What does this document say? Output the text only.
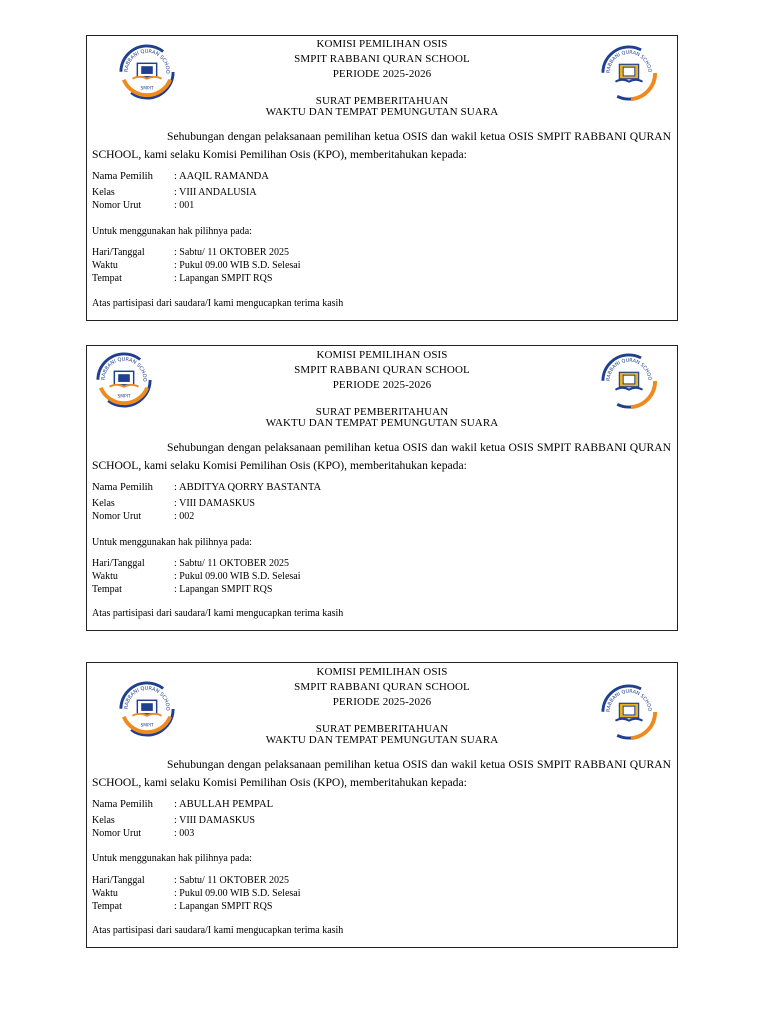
RABBANI QURAN SCHOO
SMPIT
RABBANI QURAN SCHOO
KOMISI PEMILIHAN OSIS
SMPIT RABBANI QURAN SCHOOL
PERIODE 2025-2026
SURAT PEMBERITAHUAN
WAKTU DAN TEMPAT PEMUNGUTAN SUARA
Sehubungan dengan pelaksanaan pemilihan ketua OSIS dan wakil ketua OSIS SMPIT RABBANI QURAN
SCHOOL, kami selaku Komisi Pemilihan Osis (KPO), memberitahukan kepada:
Nama Pemilih : AAQIL RAMANDA
Kelas	: VIII ANDALUSIA
Nomor Urut	: 001
Untuk menggunakan hak pilihnya pada:
Hari/Tanggal	: Sabtu/ 11 OKTOBER 2025
Waktu	: Pukul 09.00 WIB S.D. Selesai
Tempat	: Lapangan SMPIT RQS
Atas partisipasi dari saudara/I kami mengucapkan terima kasih
RABBANI QURAN SCHOO
SMPIT
RABBANI QURAN SCHOO
KOMISI PEMILIHAN OSIS
SMPIT RABBANI QURAN SCHOOL
PERIODE 2025-2026
SURAT PEMBERITAHUAN
WAKTU DAN TEMPAT PEMUNGUTAN SUARA
Sehubungan dengan pelaksanaan pemilihan ketua OSIS dan wakil ketua OSIS SMPIT RABBANI QURAN
SCHOOL, kami selaku Komisi Pemilihan Osis (KPO), memberitahukan kepada:
Nama Pemilih : ABDITYA QORRY BASTANTA
Kelas	: VIII DAMASKUS
Nomor Urut	: 002
Untuk menggunakan hak pilihnya pada:
Hari/Tanggal	: Sabtu/ 11 OKTOBER 2025
Waktu	: Pukul 09.00 WIB S.D. Selesai
Tempat	: Lapangan SMPIT RQS
Atas partisipasi dari saudara/I kami mengucapkan terima kasih
RABBANI QURAN SCHOO
SMPIT
RABBANI QURAN SCHOO
KOMISI PEMILIHAN OSIS
SMPIT RABBANI QURAN SCHOOL
PERIODE 2025-2026
SURAT PEMBERITAHUAN
WAKTU DAN TEMPAT PEMUNGUTAN SUARA
Sehubungan dengan pelaksanaan pemilihan ketua OSIS dan wakil ketua OSIS SMPIT RABBANI QURAN
SCHOOL, kami selaku Komisi Pemilihan Osis (KPO), memberitahukan kepada:
Nama Pemilih : ABULLAH PEMPAL
Kelas	: VIII DAMASKUS
Nomor Urut	: 003
Untuk menggunakan hak pilihnya pada:
Hari/Tanggal	: Sabtu/ 11 OKTOBER 2025
Waktu	: Pukul 09.00 WIB S.D. Selesai
Tempat	: Lapangan SMPIT RQS
Atas partisipasi dari saudara/I kami mengucapkan terima kasih
